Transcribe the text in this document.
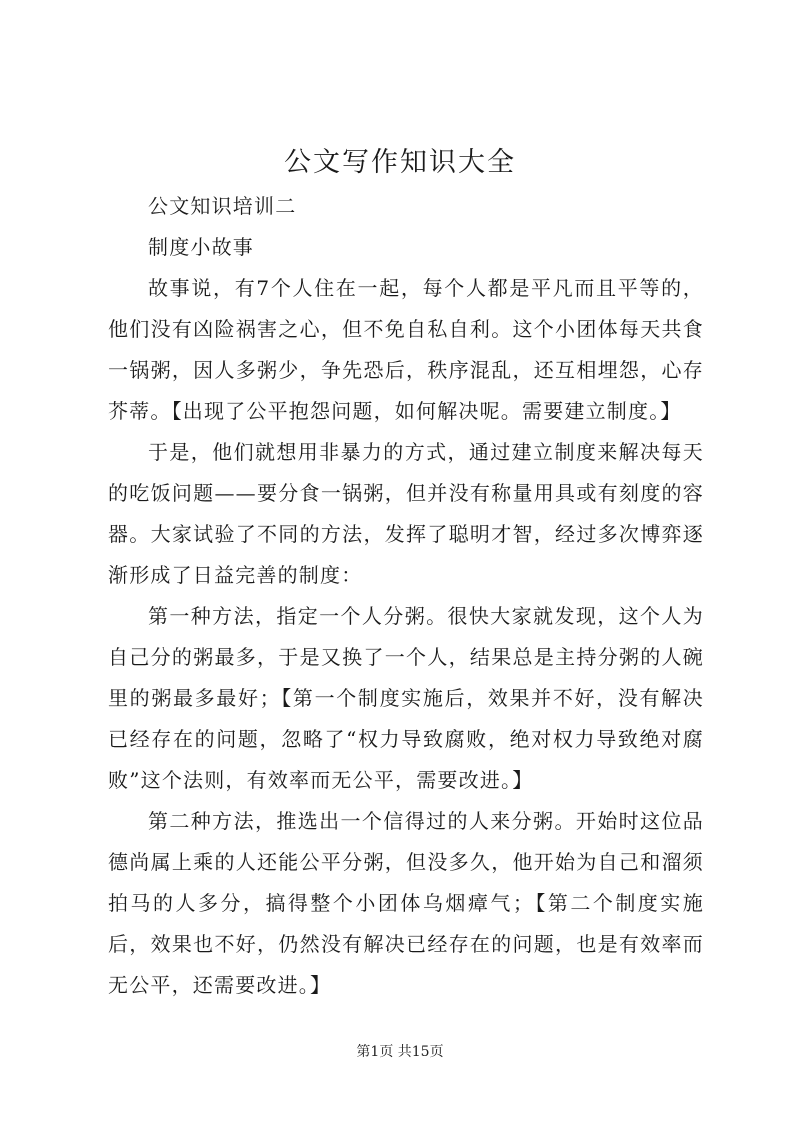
公文写作知识大全

公文知识培训二

制度小故事

故事说，有7个人住在一起，每个人都是平凡而且平等的，他们没有凶险祸害之心，但不免自私自利。这个小团体每天共食一锅粥，因人多粥少，争先恐后，秩序混乱，还互相埋怨，心存芥蒂。【出现了公平抱怨问题，如何解决呢。需要建立制度。】

于是，他们就想用非暴力的方式，通过建立制度来解决每天的吃饭问题——要分食一锅粥，但并没有称量用具或有刻度的容器。大家试验了不同的方法，发挥了聪明才智，经过多次博弈逐渐形成了日益完善的制度：

第一种方法，指定一个人分粥。很快大家就发现，这个人为自己分的粥最多，于是又换了一个人，结果总是主持分粥的人碗里的粥最多最好；【第一个制度实施后，效果并不好，没有解决已经存在的问题，忽略了“权力导致腐败，绝对权力导致绝对腐败”这个法则，有效率而无公平，需要改进。】

第二种方法，推选出一个信得过的人来分粥。开始时这位品德尚属上乘的人还能公平分粥，但没多久，他开始为自己和溜须拍马的人多分，搞得整个小团体乌烟瘴气；【第二个制度实施后，效果也不好，仍然没有解决已经存在的问题，也是有效率而无公平，还需要改进。】

第1页 共15页
